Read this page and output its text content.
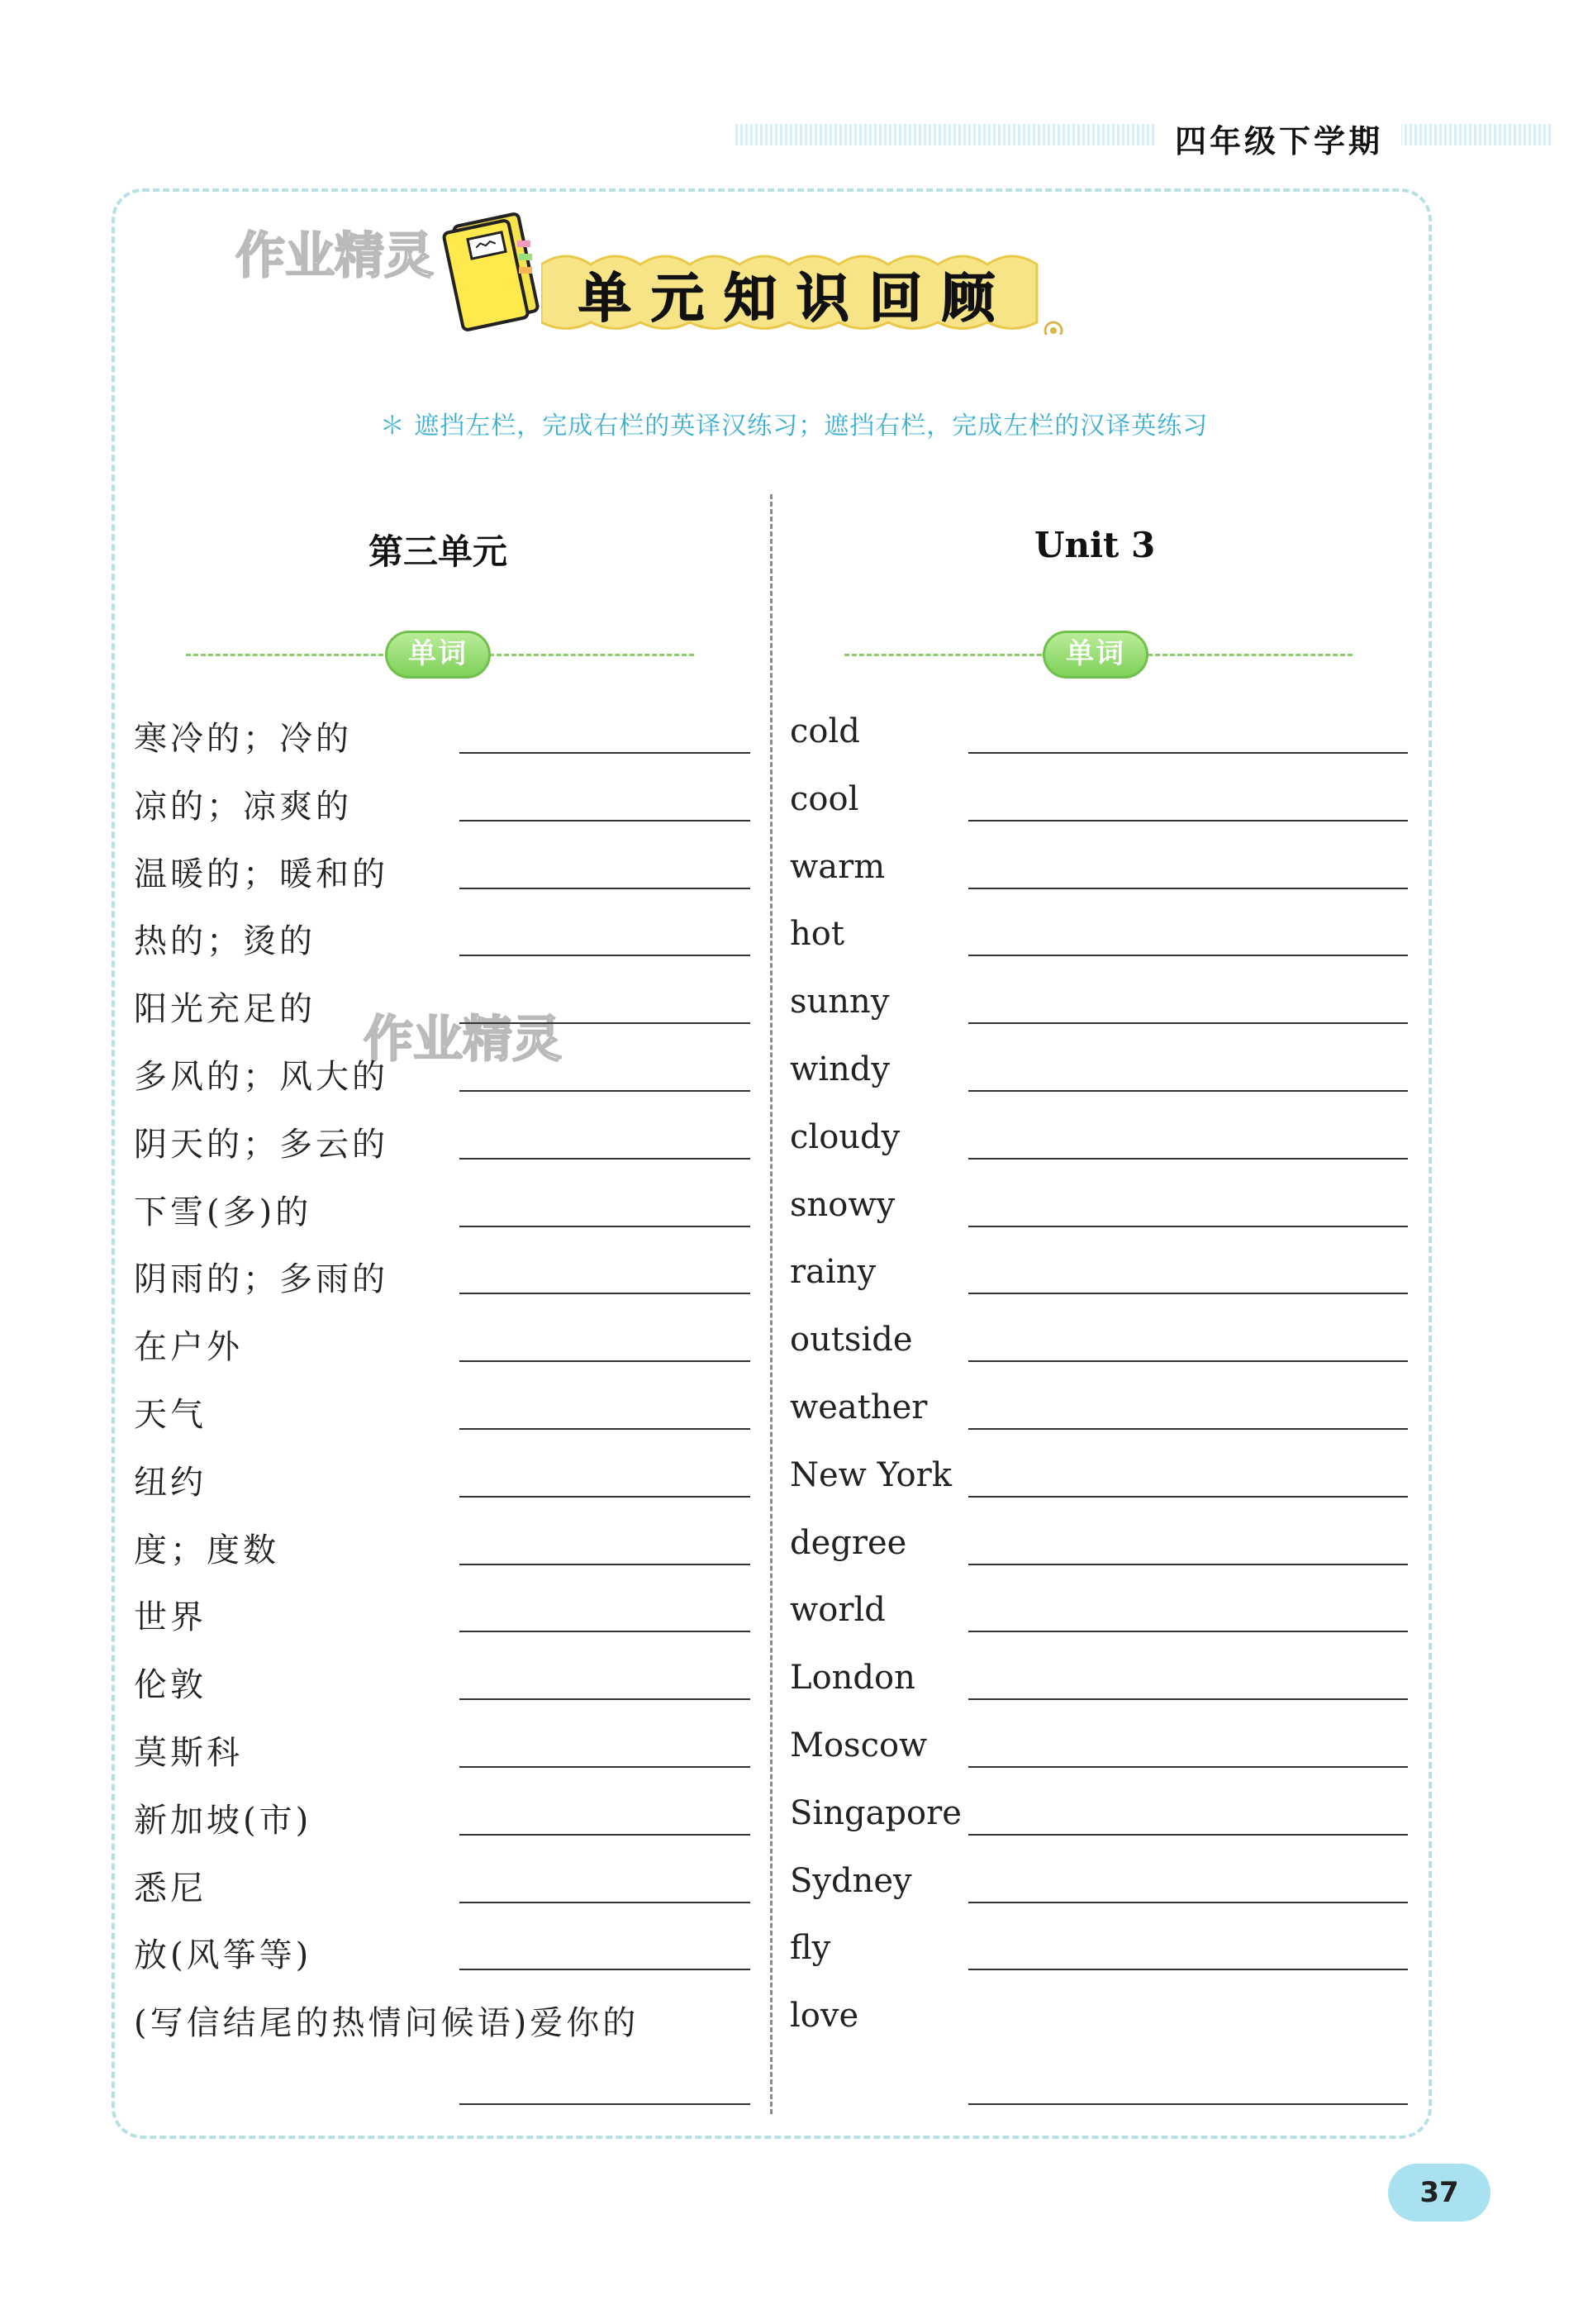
四年级下学期
单元知识回顾
作业精灵
作业精灵
＊ 遮挡左栏，完成右栏的英译汉练习；遮挡右栏，完成左栏的汉译英练习
第三单元	Unit 3
单词	单词
寒冷的；冷的
凉的；凉爽的
温暖的；暖和的
热的；烫的
阳光充足的
多风的；风大的
阴天的；多云的
下雪(多)的
阴雨的；多雨的
在户外
天气
纽约
度；度数
世界
伦敦
莫斯科
新加坡(市)
悉尼
放(风筝等)
(写信结尾的热情问候语)爱你的
cold
cool
warm
hot
sunny
windy
cloudy
snowy
rainy
outside
weather
New York
degree
world
London
Moscow
Singapore
Sydney
fly
love
37
